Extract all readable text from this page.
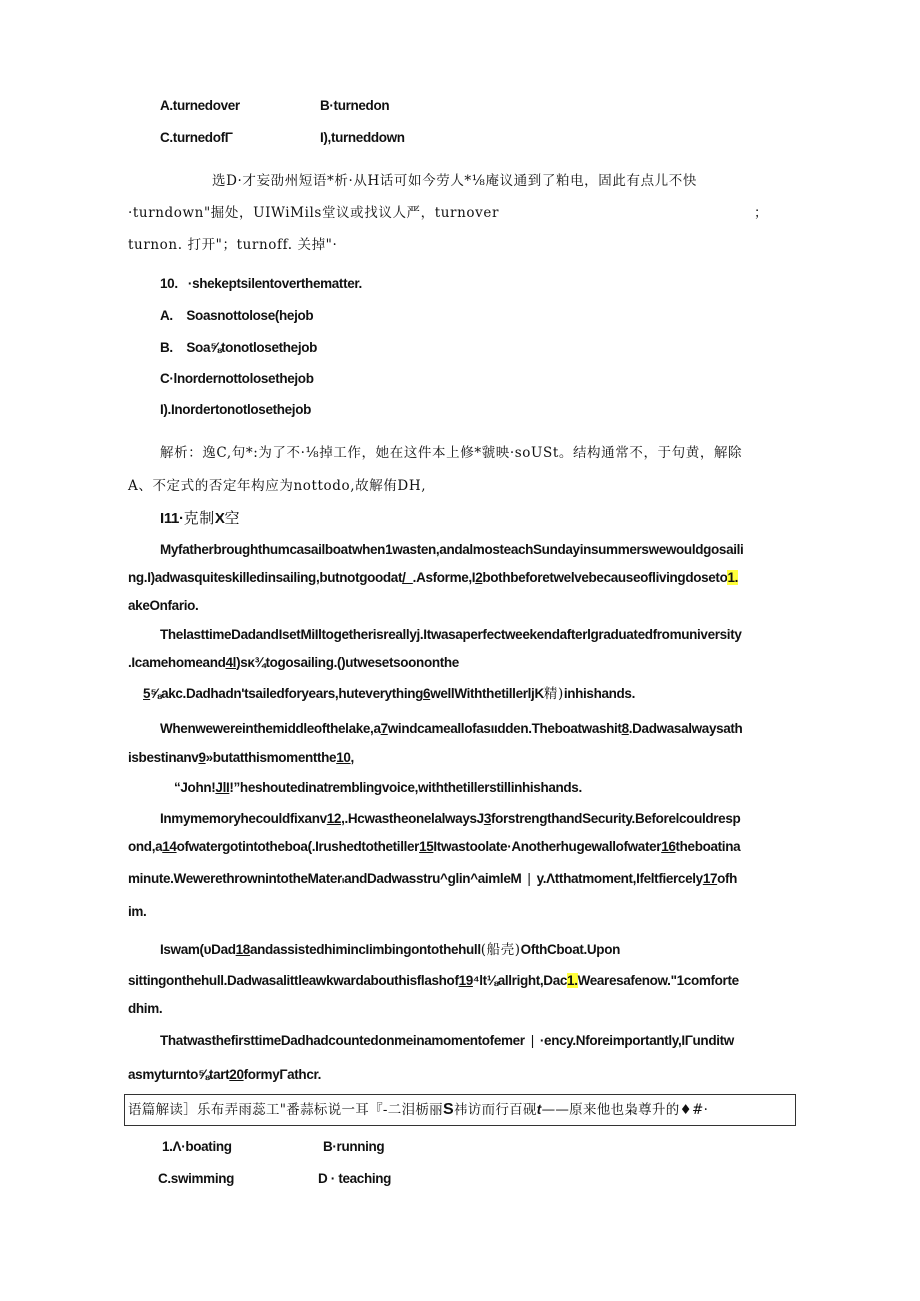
A.turnedover	B·turnedon
C.turnedofΓ	I),turneddown
选D·才妄劭州短语*析·从H话可如今劳人*⅛庵议通到了粕电，固此有点儿不快
·turndown"掘处，UIWiMils堂议或找议人严，turnover	；
turnon. 打开"；turnoff. 关掉"·
10.   ·shekeptsilentoverthematter.
A.    Soasnottolose(hejob
B.    Soa⅝tonotlosethejob
C·lnordernottolosethejob
I).Inordertonotlosethejob
解析：逸C,句*:为了不·⅛掉工作，她在这件本上修*虢映·soUSt。结构通常不，于句黄，解除
A、不定式的否定年构应为nottodo,故解侑DH,
I11·克制X空
Myfatherbroughthumcasailboatwhen1wasten,andalmosteachSundayinsummerswewouldgosaili
ng.I)adwasquiteskilledinsailing,butnotgoodat/_.Asforme,I2bothbeforetwelvebecauseoflivingdoseto1.
akeOnfario.
ThelasttimeDadandIsetMiIltogetherisreallyj.Itwasaperfectweekendafterlgraduatedfromuniversity
.Icamehomeand4l)sκ¾togosailing.()utwesetsoononthe
5⅝akc.Dadhadn'tsailedforyears,huteverything6wellWiththetillerljK精)inhishands.
Whenwewereinthemiddleofthelake,a7windcameallofasιιdden.Theboatwashit8.Dadwasalwaysath
isbestinanv9»butatthismomentthe10,
“John!JlI!”heshoutedinatremblingvoice,withthetillerstillinhishands.
Inmymemoryhecouldfixanv12,.HcwastheonelalwaysJ3forstrengthandSecurity.Beforelcouldresp
ond,a14ofwatergotintotheboa(.Irushedtothetiller15Itwastoolate·Anotherhugewallofwater16theboatina
minute.WewerethrownintotheMaterιandDadwasstru^glin^aimleM | y.Λtthatmoment,Ifeltfiercely17ofh
im.
Iswam(υDad18andassistedhimincIimbingontothehull(船壳)OfthCboat.Upon
sittingonthehull.Dadwasalittleawkwardabouthisflashof19⁴lt⅛allright,Dac1.Wearesafenow."1comforte
dhim.
ThatwasthefirsttimeDadhadcountedonmeinamomentofemer | ·ency.Nforeimportantly,IΓunditw
asmyturnto⅝tart20formyΓathcr.
语篇解读］乐布弄雨蕊工"番蒜标说一耳『-二泪栃丽S祎访而行百砚t——原来他也枭尊升的♦#·
1.Λ·boating	B·running
C.swimming	D · teaching
